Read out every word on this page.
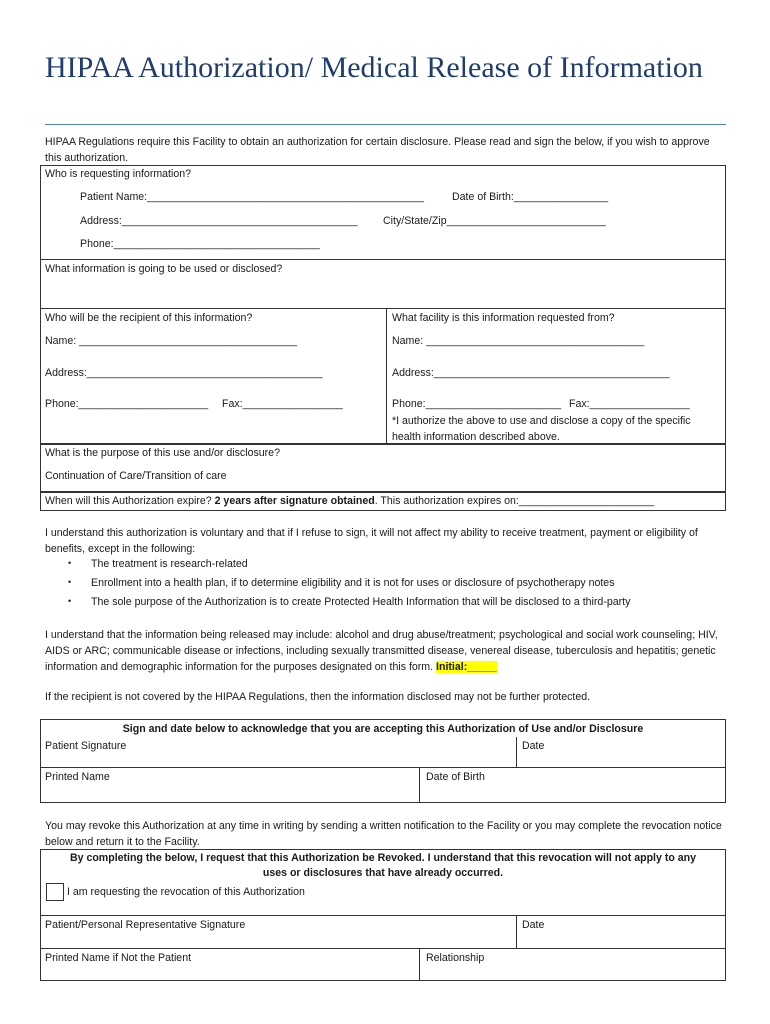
HIPAA Authorization/ Medical Release of Information
HIPAA Regulations require this Facility to obtain an authorization for certain disclosure. Please read and sign the below, if you wish to approve this authorization.
Who is requesting information?
Patient Name:_______________________________________________	Date of Birth:________________
Address:________________________________________ City/State/Zip___________________________
Phone:___________________________________
What information is going to be used or disclosed?
Who will be the recipient of this information?
Name: _____________________________________
Address:________________________________________
Phone:______________________ Fax:_________________
What facility is this information requested from?
Name: _____________________________________
Address:________________________________________
Phone:_______________________ Fax:_________________
*I authorize the above to use and disclose a copy of the specific health information described above.
What is the purpose of this use and/or disclosure?
Continuation of Care/Transition of care
When will this Authorization expire? 2 years after signature obtained. This authorization expires on:_______________________
I understand this authorization is voluntary and that if I refuse to sign, it will not affect my ability to receive treatment, payment or eligibility of benefits, except in the following:
• The treatment is research-related
• Enrollment into a health plan, if to determine eligibility and it is not for uses or disclosure of psychotherapy notes
• The sole purpose of the Authorization is to create Protected Health Information that will be disclosed to a third-party
I understand that the information being released may include: alcohol and drug abuse/treatment; psychological and social work counseling; HIV, AIDS or ARC; communicable disease or infections, including sexually transmitted disease, venereal disease, tuberculosis and hepatitis; genetic information and demographic information for the purposes designated on this form. Initial:_____
If the recipient is not covered by the HIPAA Regulations, then the information disclosed may not be further protected.
Sign and date below to acknowledge that you are accepting this Authorization of Use and/or Disclosure
Patient Signature	Date
Printed Name	Date of Birth
You may revoke this Authorization at any time in writing by sending a written notification to the Facility or you may complete the revocation notice below and return it to the Facility.
By completing the below, I request that this Authorization be Revoked. I understand that this revocation will not apply to any
uses or disclosures that have already occurred.
I am requesting the revocation of this Authorization
Patient/Personal Representative Signature	Date
Printed Name if Not the Patient	Relationship
